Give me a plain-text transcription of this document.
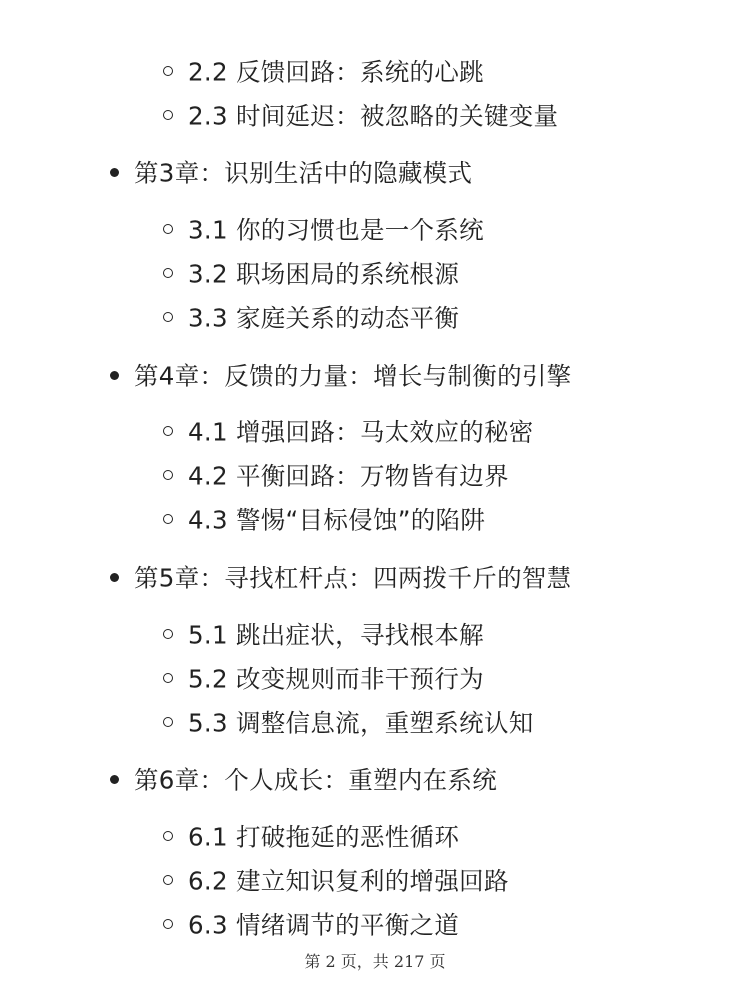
2.2 反馈回路：系统的心跳
2.3 时间延迟：被忽略的关键变量
第3章：识别生活中的隐藏模式
3.1 你的习惯也是一个系统
3.2 职场困局的系统根源
3.3 家庭关系的动态平衡
第4章：反馈的力量：增长与制衡的引擎
4.1 增强回路：马太效应的秘密
4.2 平衡回路：万物皆有边界
4.3 警惕“目标侵蚀”的陷阱
第5章：寻找杠杆点：四两拨千斤的智慧
5.1 跳出症状，寻找根本解
5.2 改变规则而非干预行为
5.3 调整信息流，重塑系统认知
第6章：个人成长：重塑内在系统
6.1 打破拖延的恶性循环
6.2 建立知识复利的增强回路
6.3 情绪调节的平衡之道
第 2 页，共 217 页
